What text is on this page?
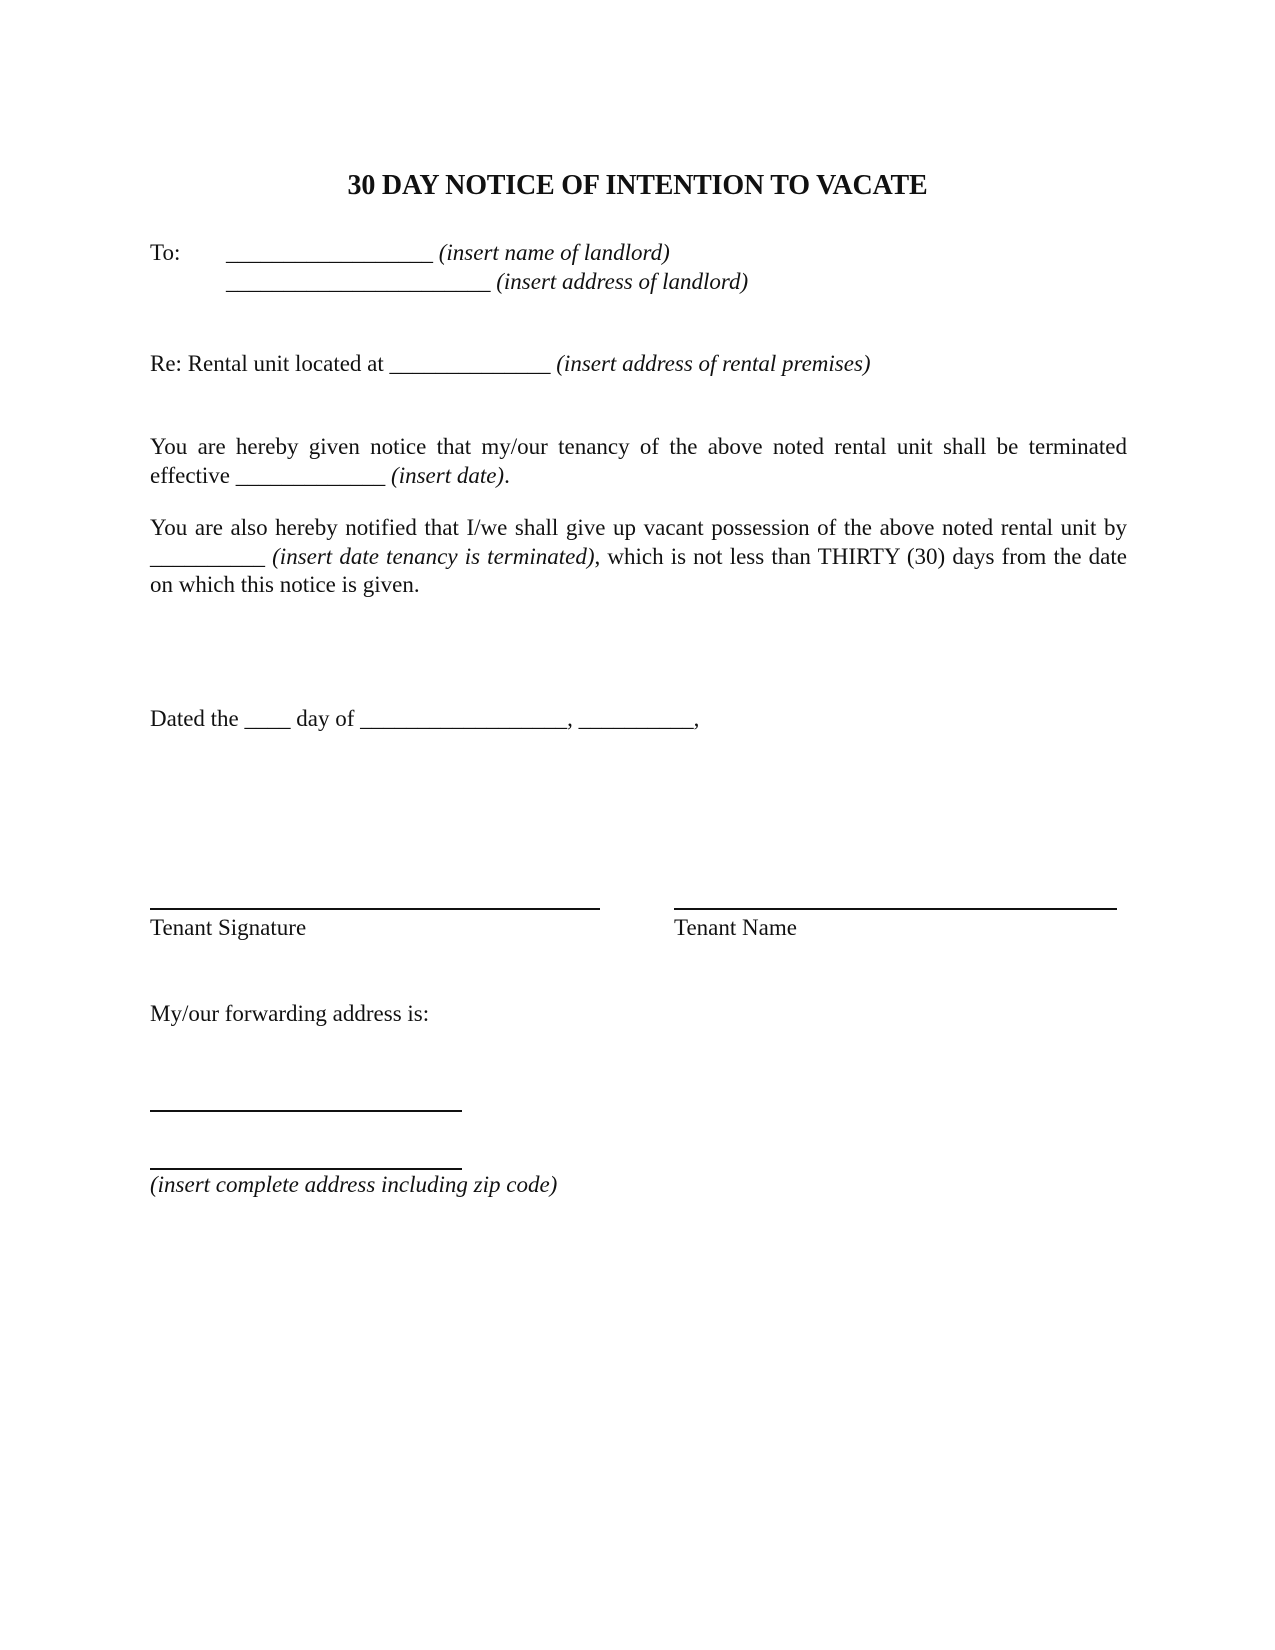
30 DAY NOTICE OF INTENTION TO VACATE
To: __________________ (insert name of landlord)
_______________________ (insert address of landlord)
Re: Rental unit located at ______________ (insert address of rental premises)
You are hereby given notice that my/our tenancy of the above noted rental unit shall be terminated effective _____________ (insert date).
You are also hereby notified that I/we shall give up vacant possession of the above noted rental unit by __________ (insert date tenancy is terminated), which is not less than THIRTY (30) days from the date on which this notice is given.
Dated the ____ day of __________________, __________,
Tenant Signature	Tenant Name
My/our forwarding address is:
(insert complete address including zip code)
